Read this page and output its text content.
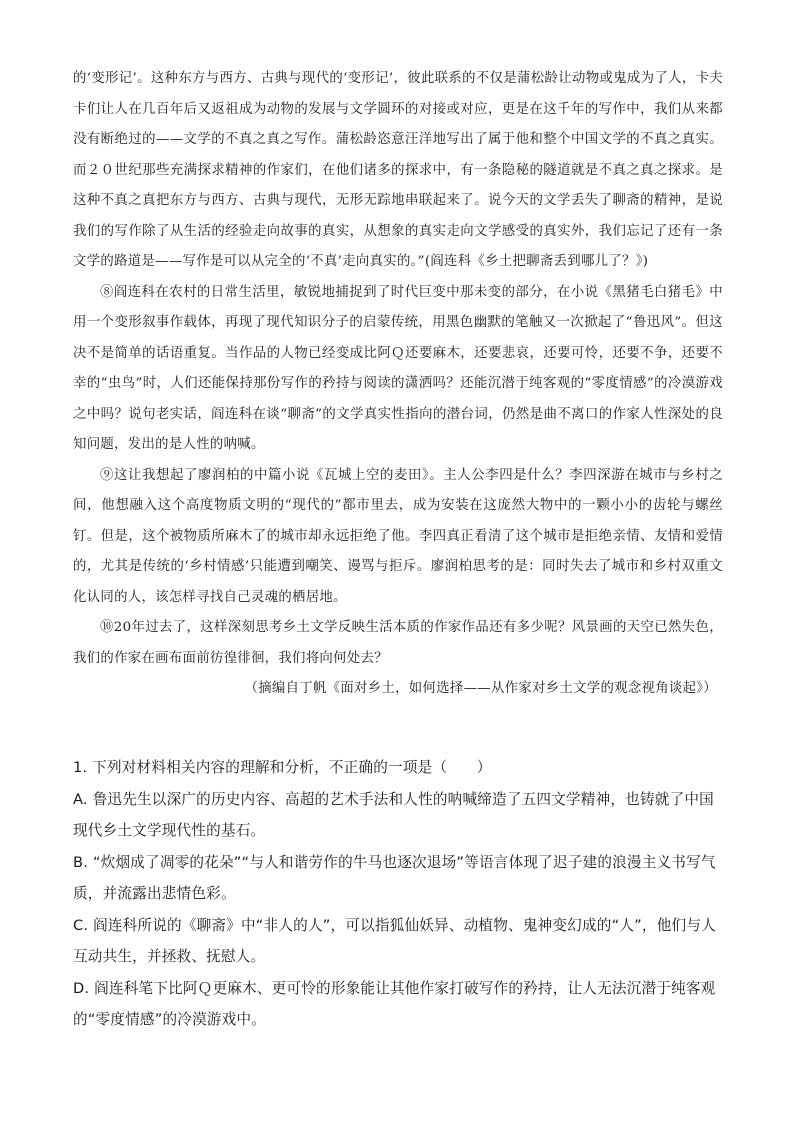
的‘变形记’。这种东方与西方、古典与现代的‘变形记’，彼此联系的不仅是蒲松龄让动物或鬼成为了人，卡夫卡们让人在几百年后又返祖成为动物的发展与文学圆环的对接或对应，更是在这千年的写作中，我们从来都没有断绝过的——文学的不真之真之写作。蒲松龄恣意汪洋地写出了属于他和整个中国文学的不真之真实。而２０世纪那些充满探求精神的作家们，在他们诸多的探求中，有一条隐秘的隧道就是不真之真之探求。是这种不真之真把东方与西方、古典与现代，无形无踪地串联起来了。说今天的文学丢失了聊斋的精神，是说我们的写作除了从生活的经验走向故事的真实，从想象的真实走向文学感受的真实外，我们忘记了还有一条文学的路道是——写作是可以从完全的‘不真’走向真实的。”(阎连科《乡土把聊斋丢到哪儿了？》)

⑧阎连科在农村的日常生活里，敏锐地捕捉到了时代巨变中那未变的部分，在小说《黑猪毛白猪毛》中用一个变形叙事作载体，再现了现代知识分子的启蒙传统，用黑色幽默的笔触又一次掀起了“鲁迅风”。但这决不是简单的话语重复。当作品的人物已经变成比阿Ｑ还要麻木，还要悲哀，还要可怜，还要不争，还要不幸的“虫鸟”时，人们还能保持那份写作的矜持与阅读的潇洒吗？还能沉潜于纯客观的“零度情感”的冷漠游戏之中吗？说句老实话，阎连科在谈“聊斋”的文学真实性指向的潜台词，仍然是曲不离口的作家人性深处的良知问题，发出的是人性的呐喊。

⑨这让我想起了廖润柏的中篇小说《瓦城上空的麦田》。主人公李四是什么？李四深游在城市与乡村之间，他想融入这个高度物质文明的“现代的”都市里去，成为安装在这庞然大物中的一颗小小的齿轮与螺丝钉。但是，这个被物质所麻木了的城市却永远拒绝了他。李四真正看清了这个城市是拒绝亲情、友情和爱情的，尤其是传统的‘乡村情感’只能遭到嘲笑、谩骂与拒斥。廖润柏思考的是：同时失去了城市和乡村双重文化认同的人，该怎样寻找自己灵魂的栖居地。

⑩20年过去了，这样深刻思考乡土文学反映生活本质的作家作品还有多少呢？风景画的天空已然失色，我们的作家在画布面前彷徨徘徊，我们将向何处去？

（摘编自丁帆《面对乡土，如何选择——从作家对乡土文学的观念视角谈起》）

1. 下列对材料相关内容的理解和分析，不正确的一项是（　　）

A. 鲁迅先生以深广的历史内容、高超的艺术手法和人性的呐喊缔造了五四文学精神，也铸就了中国现代乡土文学现代性的基石。

B. “炊烟成了凋零的花朵”“与人和谐劳作的牛马也逐次退场”等语言体现了迟子建的浪漫主义书写气质，并流露出悲情色彩。

C. 阎连科所说的《聊斋》中“非人的人”，可以指狐仙妖异、动植物、鬼神变幻成的“人”，他们与人互动共生，并拯救、抚慰人。

D. 阎连科笔下比阿Ｑ更麻木、更可怜的形象能让其他作家打破写作的矜持，让人无法沉潜于纯客观的“零度情感”的冷漠游戏中。
